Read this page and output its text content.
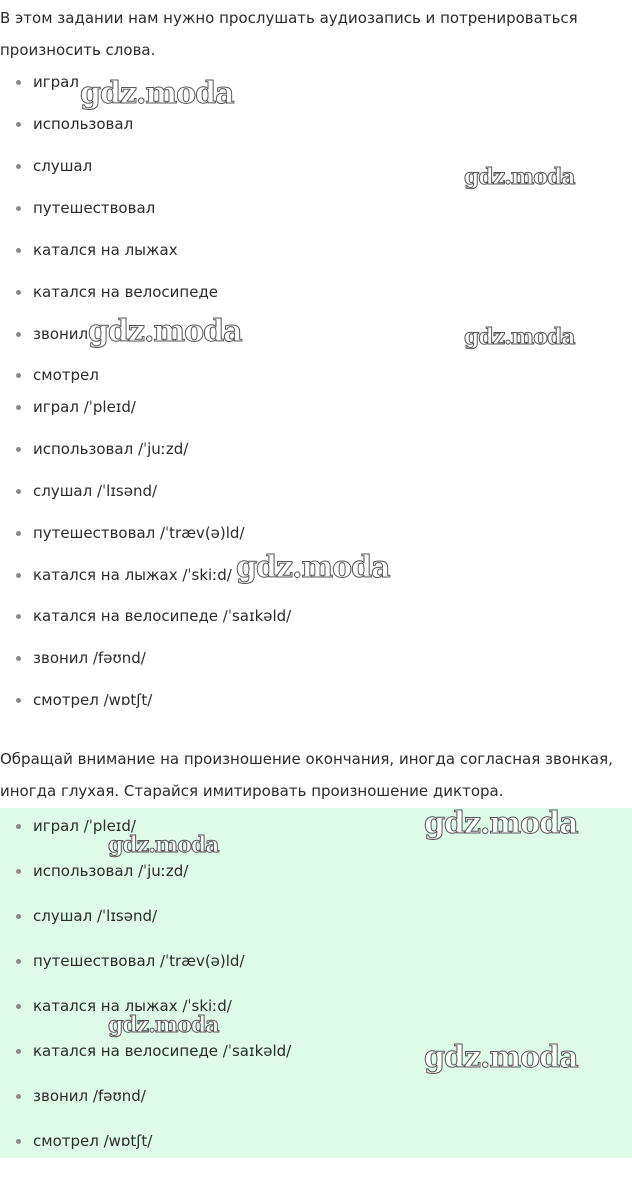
В этом задании нам нужно прослушать аудиозапись и потренироваться произносить слова.

играл
использовал
слушал
путешествовал
катался на лыжах
катался на велосипеде
звонил
смотрел
играл /ˈpleɪd/
использовал /ˈjuːzd/
слушал /ˈlɪsənd/
путешествовал /ˈtræv(ə)ld/
катался на лыжах /ˈskiːd/
катался на велосипеде /ˈsaɪkəld/
звонил /fəʊnd/
смотрел /wɒtʃt/

Обращай внимание на произношение окончания, иногда согласная звонкая, иногда глухая. Старайся имитировать произношение диктора.

играл /ˈpleɪd/
использовал /ˈjuːzd/
слушал /ˈlɪsənd/
путешествовал /ˈtræv(ə)ld/
катался на лыжах /ˈskiːd/
катался на велосипеде /ˈsaɪkəld/
звонил /fəʊnd/
смотрел /wɒtʃt/
gdz.moda
gdz.moda
gdz.moda	gdz.moda
gdz.moda
gdz.moda
gdz.moda
gdz.moda
gdz.moda
